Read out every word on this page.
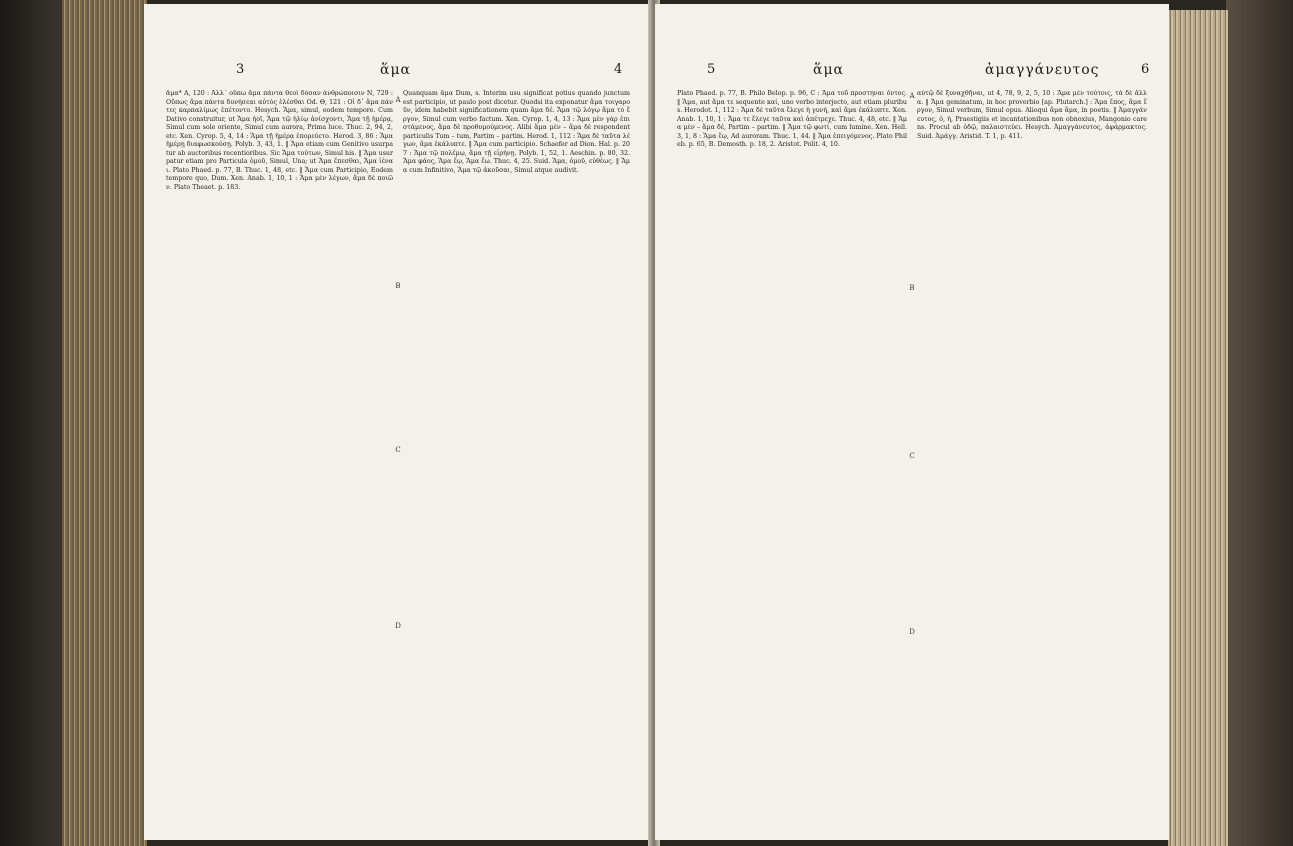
3	ἅμα	4
ἅμα* Α, 120 : Ἀλλ᾽ οὔπω ἅμα πάντα θεοὶ δόσαν ἀνθρώποισιν Ν, 729 : Οὔπως ἅμα πάντα δυνήσεαι αὐτὸς ἑλέσθαι Od. Θ, 121 : Οἱ δ᾽ ἅμα πάντες καρπαλίμως ἐπέτοντο. Hesych. Ἅμα, simul, eodem tempore. Cum Dativo construitur, ut Ἅμα ἠοῖ, Ἅμα τῷ ἡλίῳ ἀνίσχοντι, Ἅμα τῇ ἡμέρᾳ, Simul cum sole oriente, Simul cum aurora, Prima luce. Thuc. 2, 94, 2, etc. Xen. Cyrop. 5, 4, 14 : Ἅμα τῇ ἡμέρᾳ ἐπορεύετο. Herod. 3, 86 : Ἅμα ἡμέρῃ διαφωσκούσῃ. Polyb. 3, 43, 1. ‖ Ἅμα etiam cum Genitivo usurpatur ab auctoribus recentioribus. Sic Ἅμα τούτων, Simul his. ‖ Ἅμα usurpatur etiam pro Particula ὁμοῦ, Simul, Una; ut Ἅμα ἕπεσθαι, Ἅμα ἰέναι. Plato Phaed. p. 77, B. Thuc. 1, 48, etc. ‖ Ἅμα cum Participio, Eodem tempore quo, Dum. Xen. Anab. 1, 10, 1 : Ἅμα μὲν λέγων, ἅμα δὲ ποιῶν. Plato Theaet. p. 183.
Quanquam ἅμα Dum, s. Interim usu significat potius quando junctum est participio, ut paulo post dicetur. Quodsi ita exponatur ἅμα τοιγαροῦν, idem habebit significationem quam ἅμα δέ. Ἅμα τῷ λόγῳ ἅμα τὸ ἔργον, Simul cum verbo factum. Xen. Cyrop. 1, 4, 13 : Ἅμα μὲν γὰρ ἐπιστάμενος, ἅμα δὲ προθυμούμενος. Alibi ἅμα μὲν – ἅμα δὲ respondent particulis Tum – tum, Partim – partim. Herod. 1, 112 : Ἅμα δὲ ταῦτα λέγων, ἅμα ἐκάλυπτε. ‖ Ἅμα cum participio. Schaefer ad Dion. Hal. p. 207 : Ἅμα τῷ πολέμῳ, ἅμα τῇ εἰρήνῃ. Polyb. 1, 52, 1. Aeschin. p. 80, 32. Ἅμα φάος, Ἅμα ἕῳ, Ἅμα ἕω. Thuc. 4, 25. Suid. Ἅμα, ὁμοῦ, εὐθέως. ‖ Ἅμα cum Infinitivo, Ἅμα τῷ ἀκοῦσαι, Simul atque audivit.
A
B
C
D
5	ἅμα	ἀμαγγάνευτος	6
Plato Phaed. p. 77, B. Philo Belop. p. 96, C : Ἅμα τοῦ προστηναι ὄντος. ‖ Ἅμα, aut ἅμα τε sequente καί, uno verbo interjecto, aut etiam pluribus. Herodot. 1, 112 : Ἅμα δὲ ταῦτα ἔλεγε ἡ γυνή, καὶ ἅμα ἐκάλυπτε. Xen. Anab. 1, 10, 1 : Ἅμα τε ἔλεγε ταῦτα καὶ ἀπέτρεχε. Thuc. 4, 48, etc. ‖ Ἅμα μὲν – ἅμα δέ, Partim – partim. ‖ Ἅμα τῷ φωτί, cum lumine. Xen. Hell. 3, 1, 8 : Ἅμα ἕῳ, Ad auroram. Thuc. 1, 44. ‖ Ἅμα ἐπειγόμενος. Plato Phileb. p. 65, B. Demosth. p. 18, 2. Aristot. Polit. 4, 10.
αὐτῷ δὲ ξυναχθῆναι, ut 4, 78, 9, 2, 5, 10 : Ἅμα μὲν τούτοις, τὰ δὲ ἄλλα. ‖ Ἅμα geminatum, in hoc proverbio [ap. Plutarch.] : Ἅμα ἔπος, ἅμα ἔργον, Simul verbum, Simul opus. Alioqui ἅμα ἅμα, in poetis. ‖ Ἀμαγγάνευτος, ὁ, ἡ, Praestigiis et incantationibus non obnoxius, Mangonio carens. Procul ab ὁδῷ, παλαιστεύει. Hesych. Ἀμαγγάνευτος, ἀφάρμακτος. Suid. Ἀμάγγ. Aristid. T. 1, p. 411.
A
B
C
D
